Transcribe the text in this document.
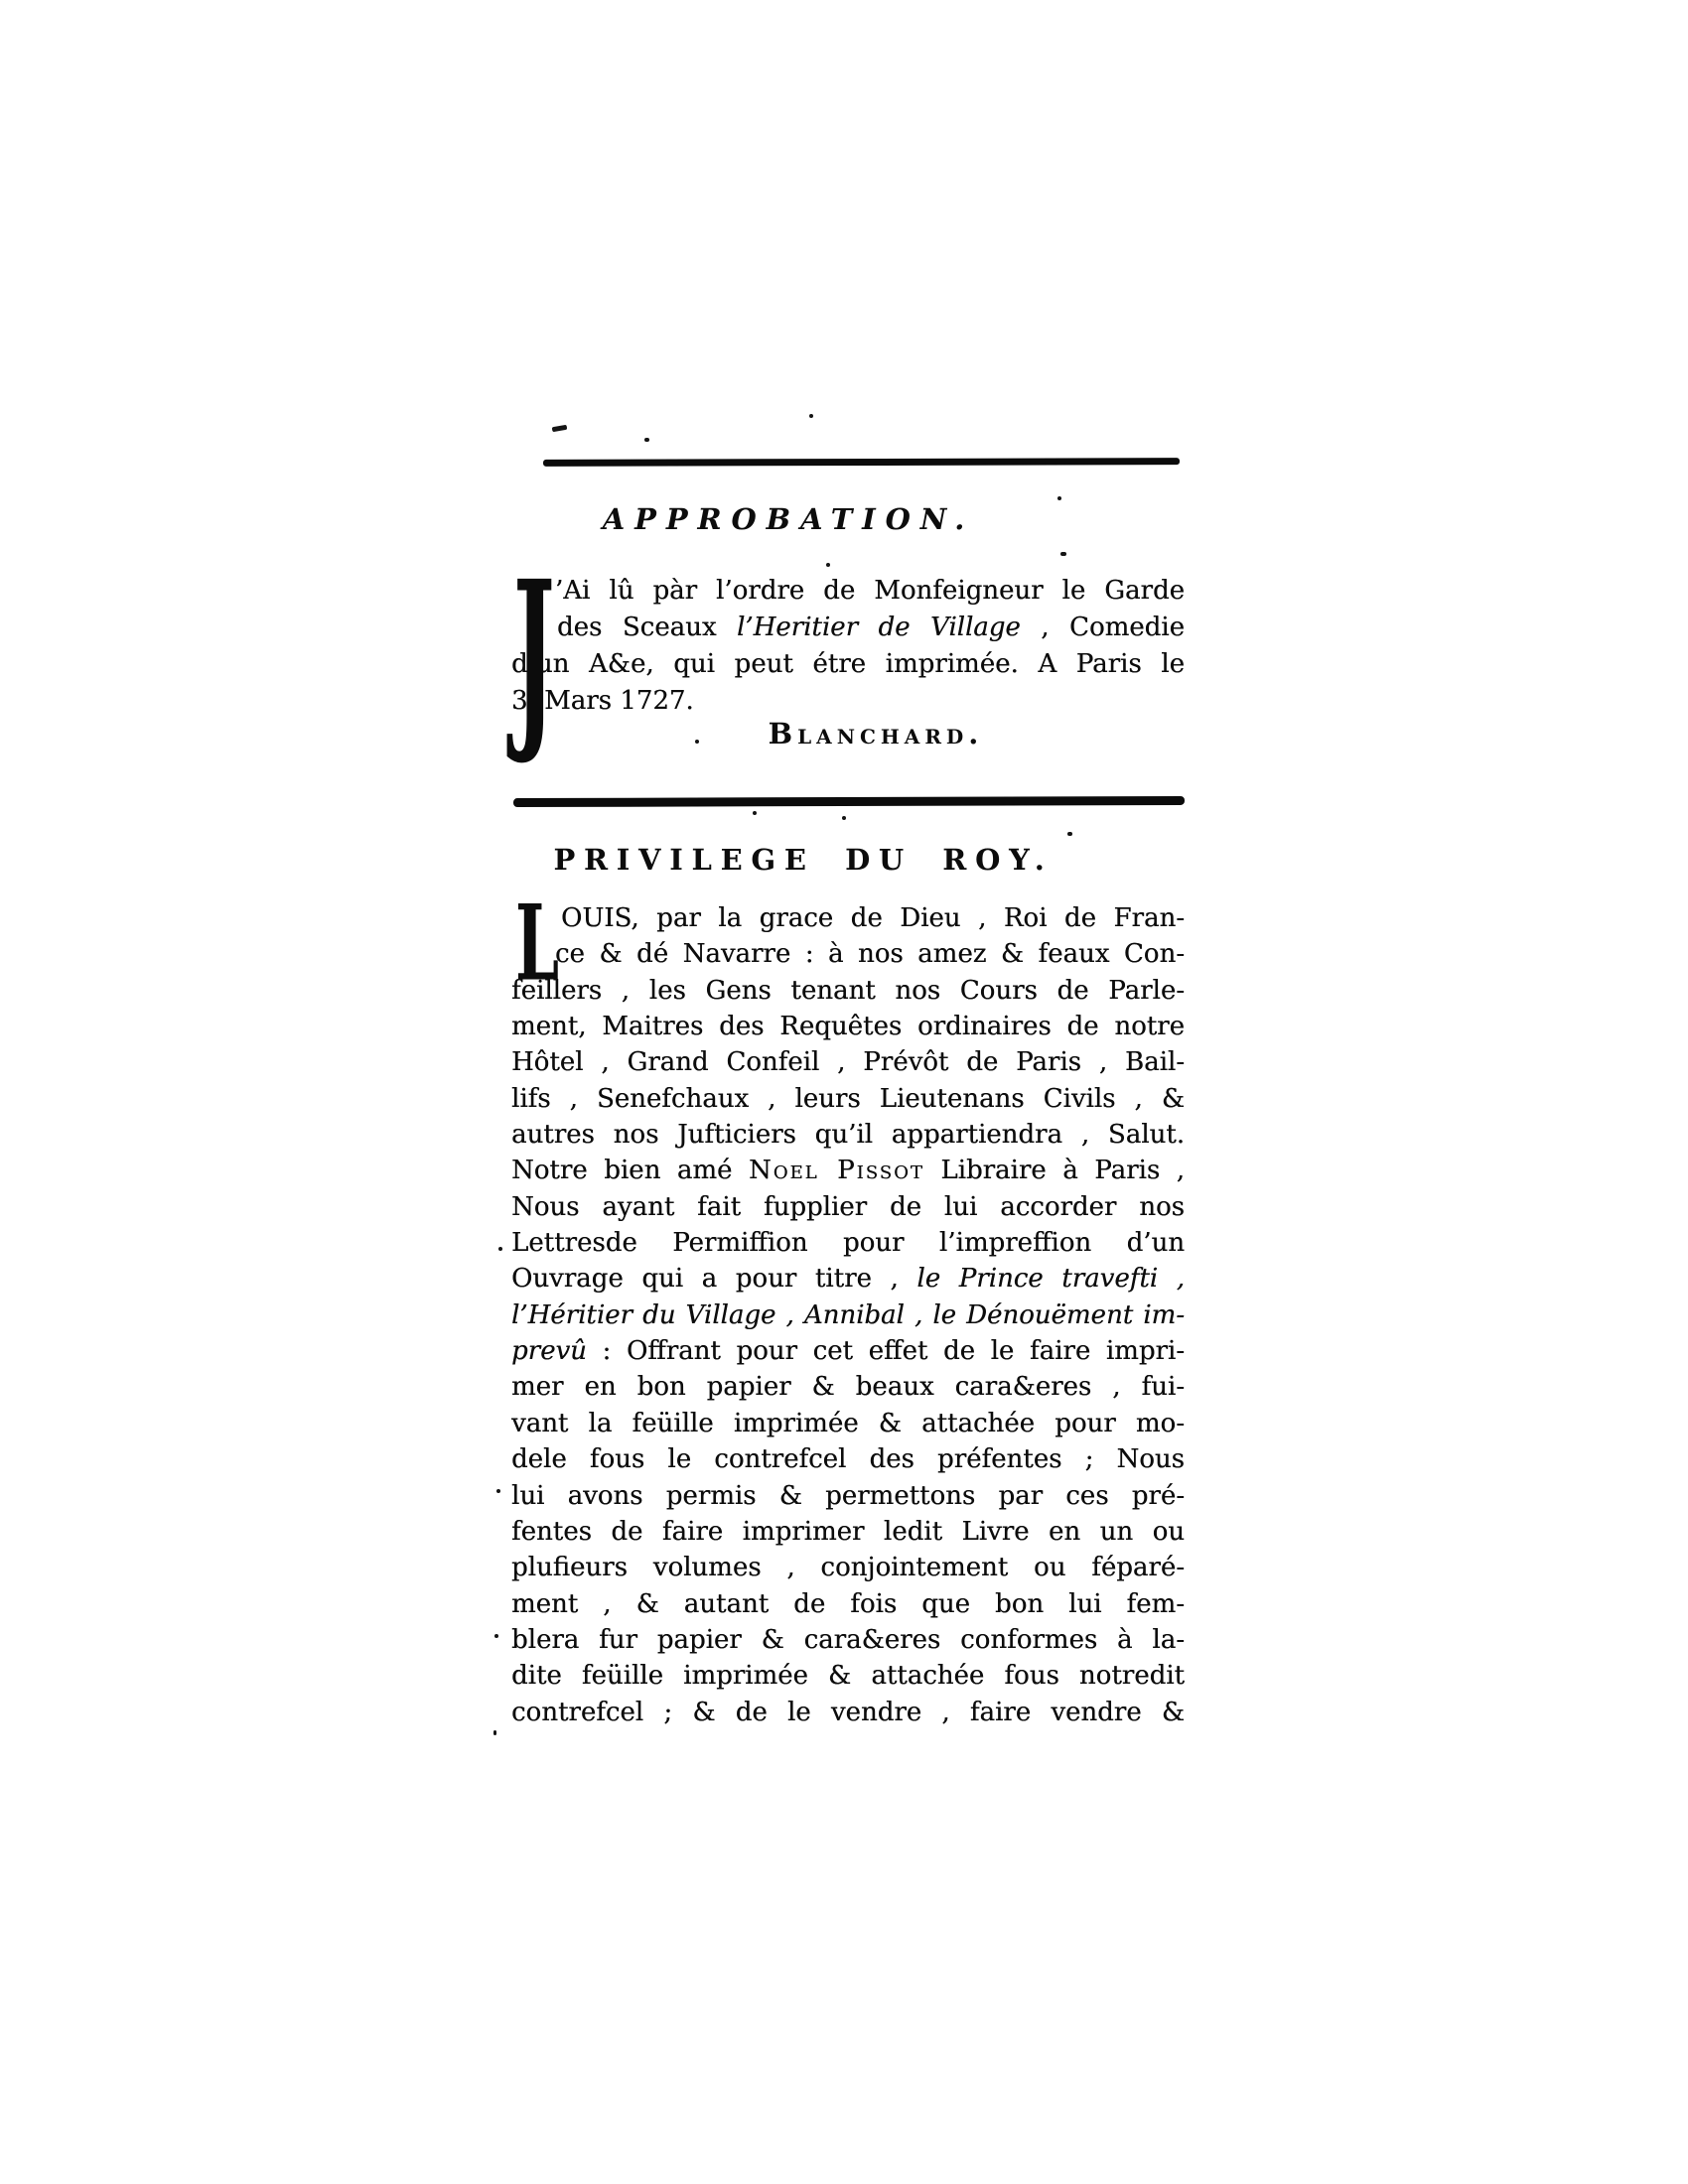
APPROBATION.
J ’Ai lû pàr l’ordre de Monfeigneur le Garde
des Sceaux l’Heritier de Village , Comedie
d’un A&e, qui peut étre imprimée. A Paris le
3. Mars 1727.
Blanchard.
PRIVILEGE DU ROY.
L OUIS, par la grace de Dieu , Roi de Fran-
ce & dé Navarre : à nos amez & feaux Con-
feillers , les Gens tenant nos Cours de Parle-
ment, Maitres des Requêtes ordinaires de notre
Hôtel , Grand Confeil , Prévôt de Paris , Bail-
lifs , Senefchaux , leurs Lieutenans Civils , &
autres nos Jufticiers qu’il appartiendra , Salut.
Notre bien amé Noel Pissot Libraire à Paris ,
Nous ayant fait fupplier de lui accorder nos
Lettresde Permiffion pour l’impreffion d’un
Ouvrage qui a pour titre , le Prince travefti ,
l’Héritier du Village , Annibal , le Dénouëment im-
prevû : Offrant pour cet effet de le faire impri-
mer en bon papier & beaux cara&eres , fui-
vant la feüille imprimée & attachée pour mo-
dele fous le contrefcel des préfentes ; Nous
lui avons permis & permettons par ces pré-
fentes de faire imprimer ledit Livre en un ou
plufieurs volumes , conjointement ou féparé-
ment , & autant de fois que bon lui fem-
blera fur papier & cara&eres conformes à la-
dite feüille imprimée & attachée fous notredit
contrefcel ; & de le vendre , faire vendre &
